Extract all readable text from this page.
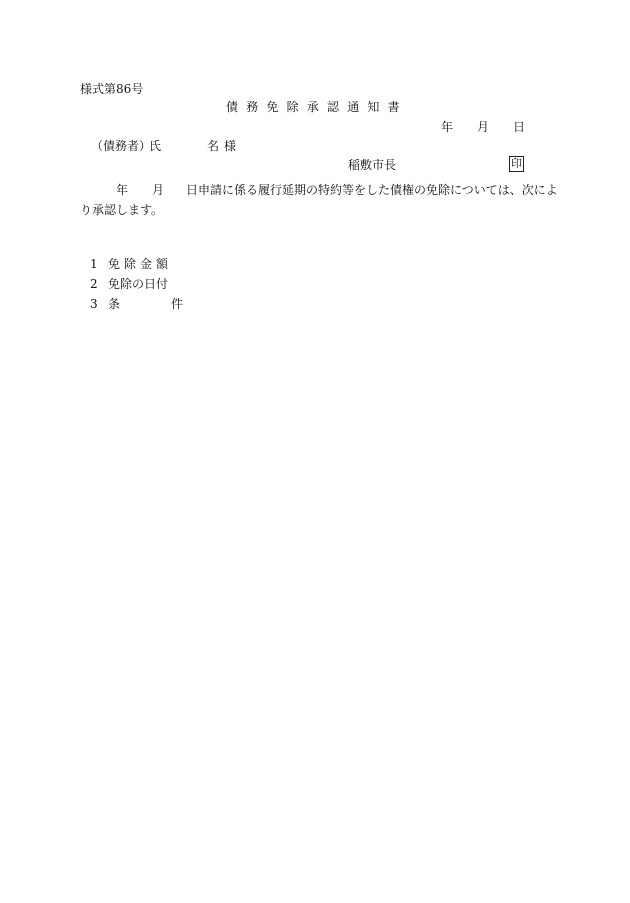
様式第86号
債務免除承認通知書
年 月 日
（債務者）氏	名 様
稲敷市長	印
年 月 日申請に係る履行延期の特約等をした債権の免除については、次によ
り承認します。
1 免除金額
2 免除の日付
3 条件
